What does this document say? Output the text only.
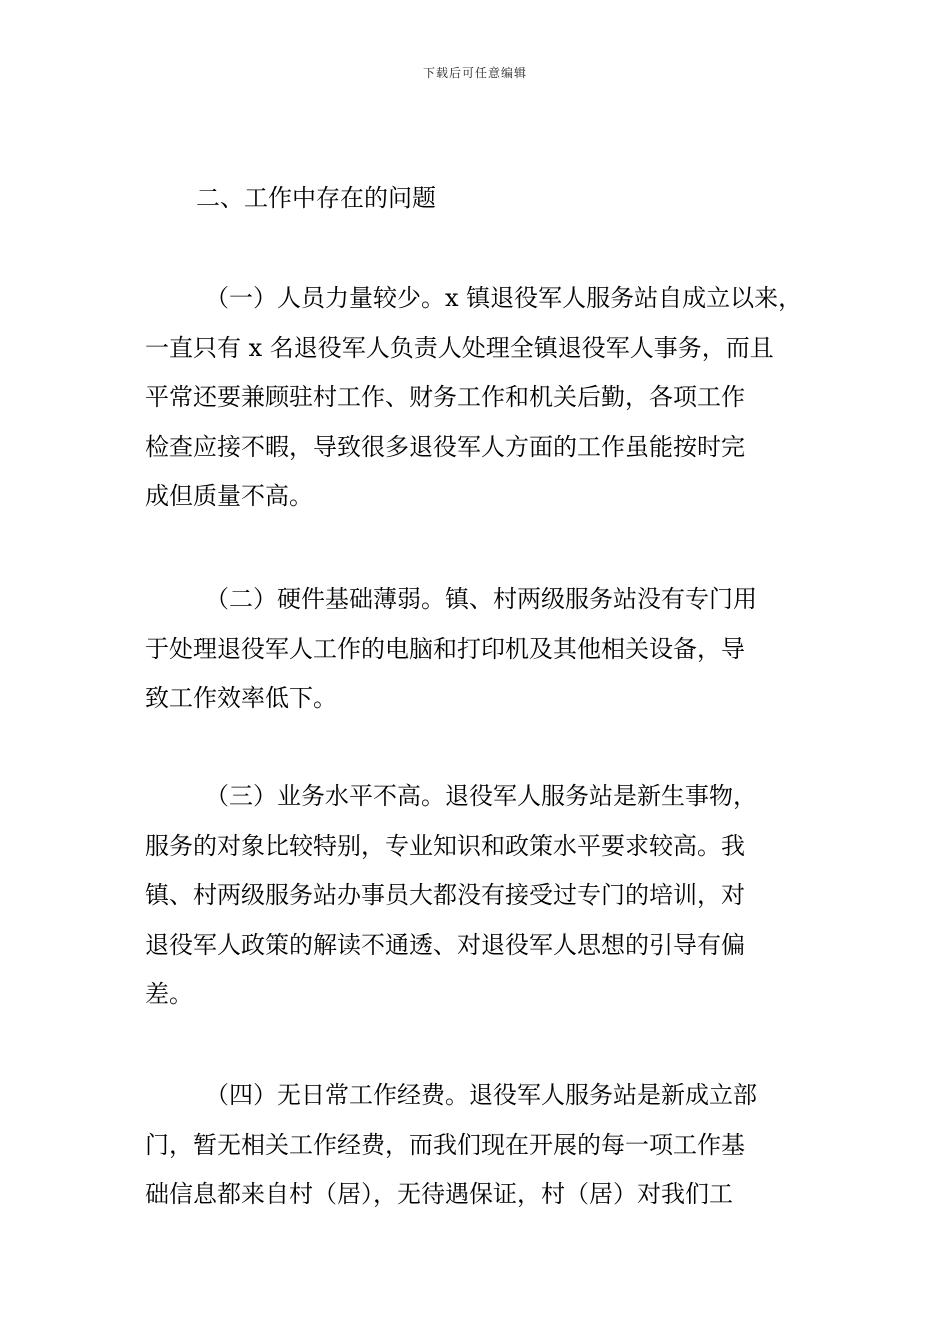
下载后可任意编辑
二、工作中存在的问题
（一）人员力量较少。x 镇退役军人服务站自成立以来，
一直只有 x 名退役军人负责人处理全镇退役军人事务，而且
平常还要兼顾驻村工作、财务工作和机关后勤，各项工作
检查应接不暇，导致很多退役军人方面的工作虽能按时完
成但质量不高。
（二）硬件基础薄弱。镇、村两级服务站没有专门用
于处理退役军人工作的电脑和打印机及其他相关设备，导
致工作效率低下。
（三）业务水平不高。退役军人服务站是新生事物，
服务的对象比较特别，专业知识和政策水平要求较高。我
镇、村两级服务站办事员大都没有接受过专门的培训，对
退役军人政策的解读不通透、对退役军人思想的引导有偏
差。
（四）无日常工作经费。退役军人服务站是新成立部
门，暂无相关工作经费，而我们现在开展的每一项工作基
础信息都来自村（居），无待遇保证，村（居）对我们工
